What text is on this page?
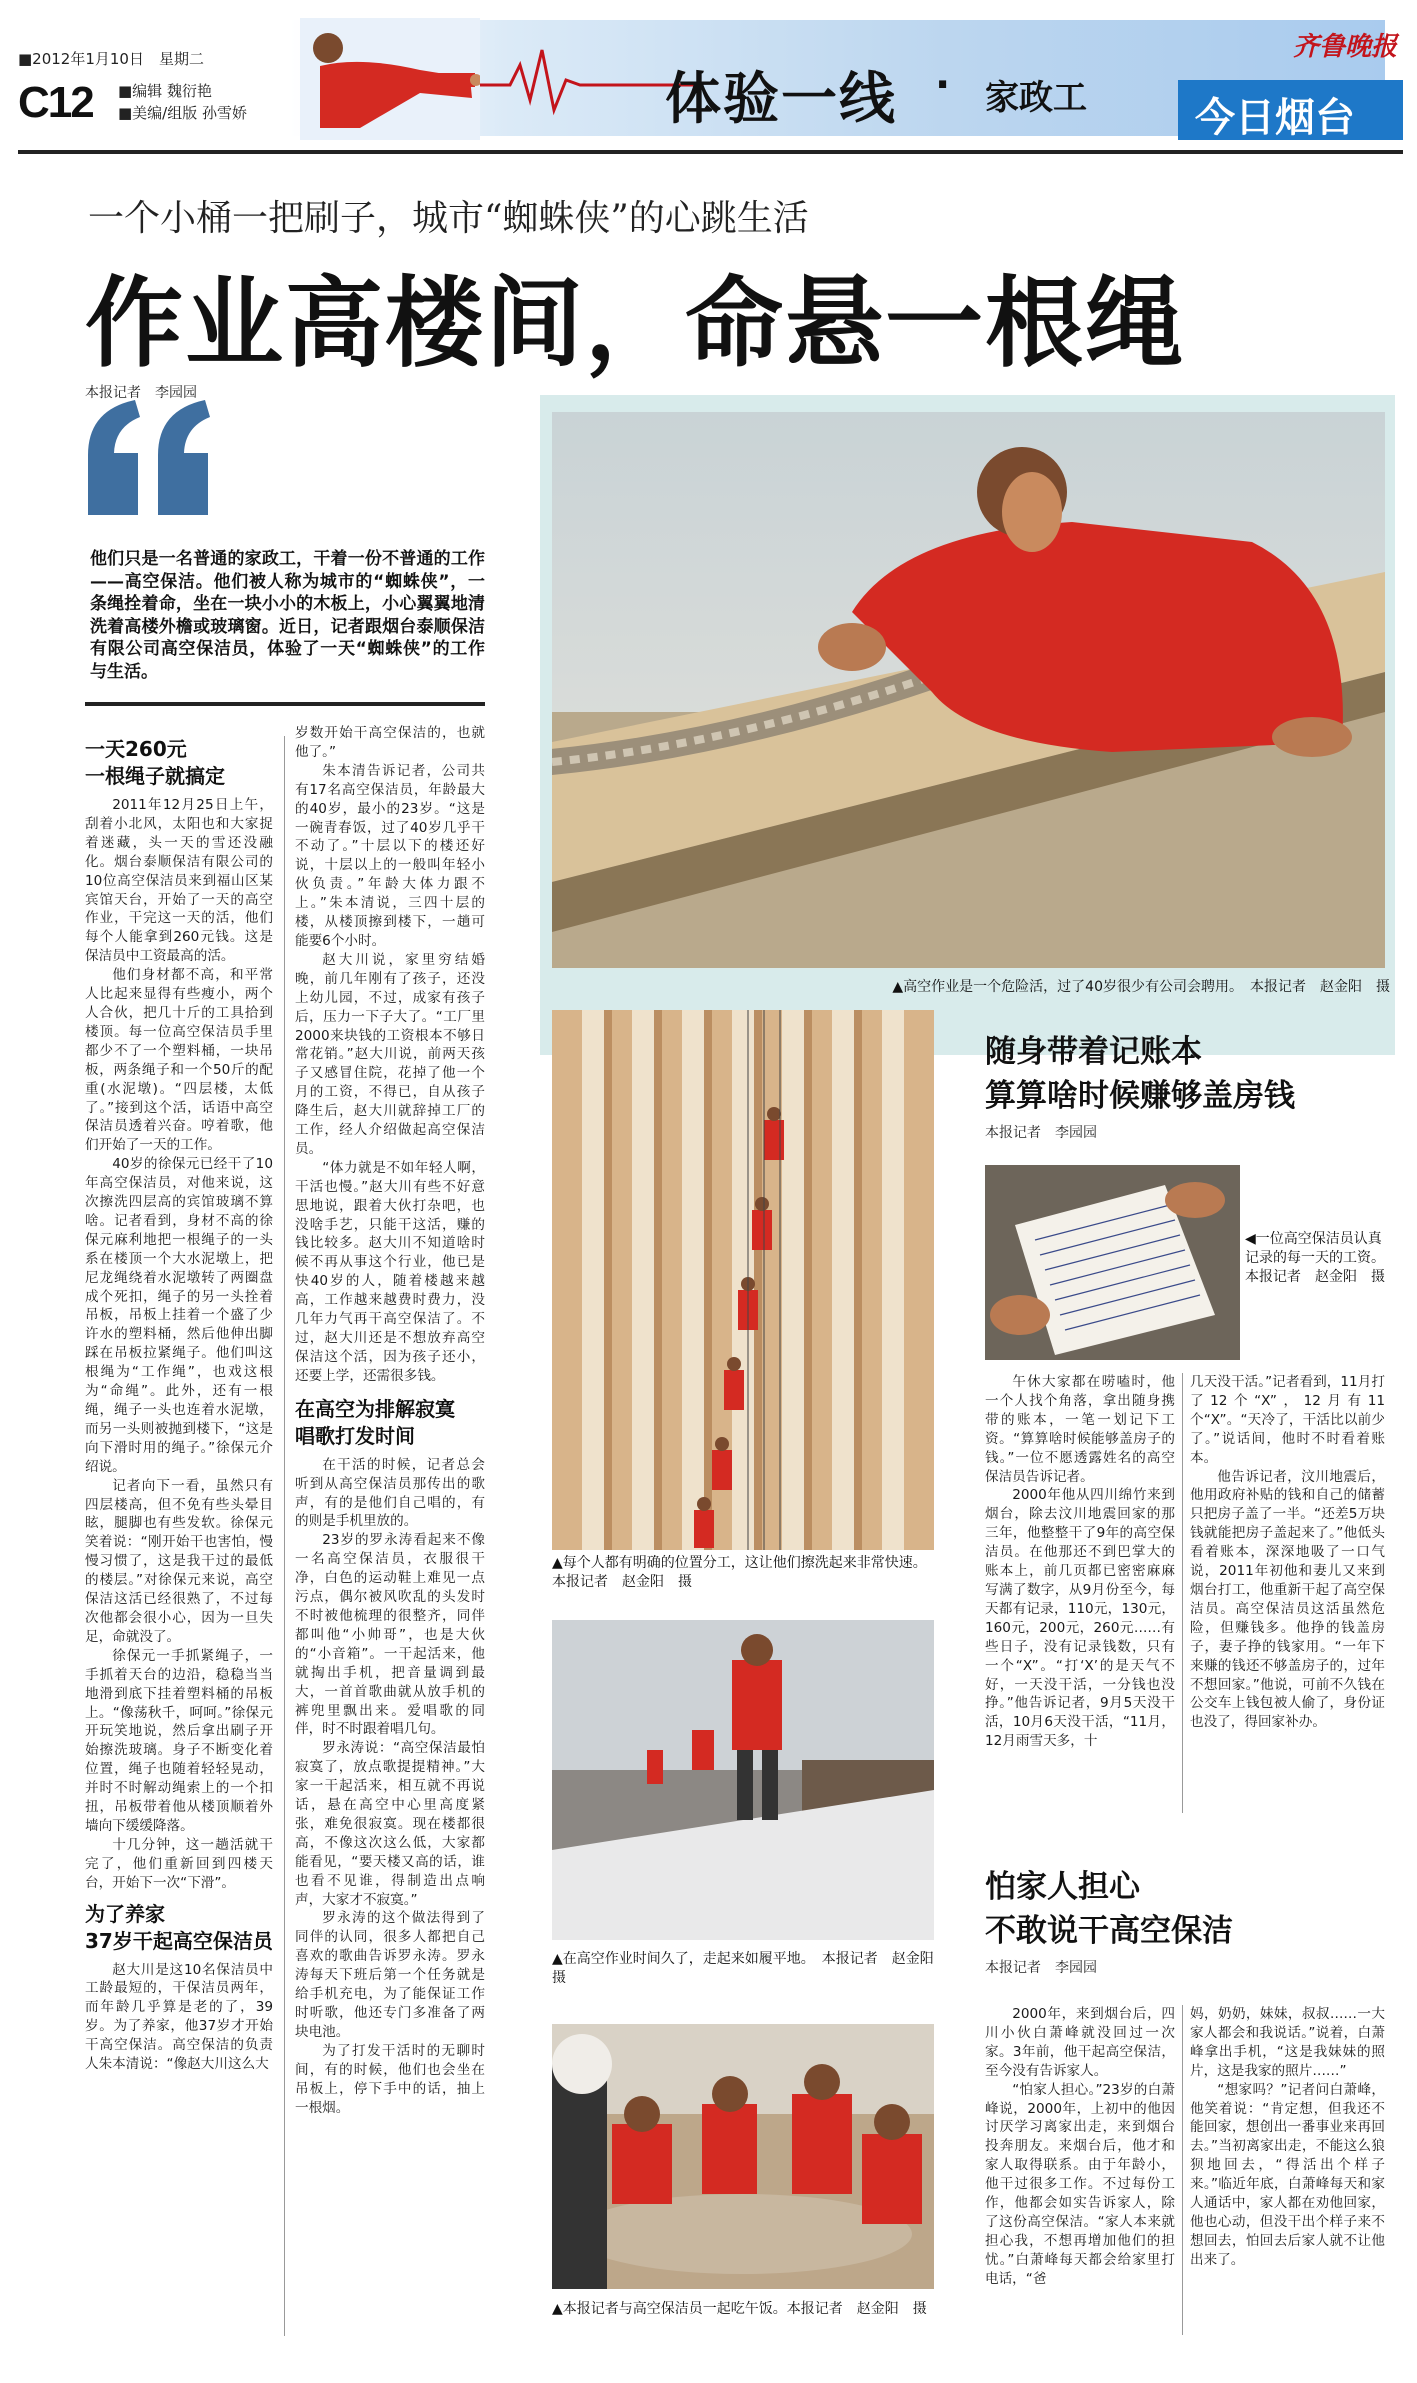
■2012年1月10日　星期二
C12 ■编辑 魏衍艳
■美编/组版 孙雪娇	体验一线 · 家政工
齐鲁晚报
今日烟台
一个小桶一把刷子，城市“蜘蛛侠”的心跳生活
作业高楼间，命悬一根绳
本报记者　李园园
他们只是一名普通的家政工，干着一份不普通的工作——高空保洁。他们被人称为城市的“蜘蛛侠”，一条绳拴着命，坐在一块小小的木板上，小心翼翼地清洗着高楼外檐或玻璃窗。近日，记者跟烟台泰顺保洁有限公司高空保洁员，体验了一天“蜘蛛侠”的工作与生活。
一天260元
一根绳子就搞定

2011年12月25日上午，刮着小北风，太阳也和大家捉着迷藏，头一天的雪还没融化。烟台泰顺保洁有限公司的10位高空保洁员来到福山区某宾馆天台，开始了一天的高空作业，干完这一天的活，他们每个人能拿到260元钱。这是保洁员中工资最高的活。

他们身材都不高，和平常人比起来显得有些瘦小，两个人合伙，把几十斤的工具拾到楼顶。每一位高空保洁员手里都少不了一个塑料桶，一块吊板，两条绳子和一个50斤的配重(水泥墩)。“四层楼，太低了。”接到这个活，话语中高空保洁员透着兴奋。哼着歌，他们开始了一天的工作。

40岁的徐保元已经干了10年高空保洁员，对他来说，这次擦洗四层高的宾馆玻璃不算啥。记者看到，身材不高的徐保元麻利地把一根绳子的一头系在楼顶一个大水泥墩上，把尼龙绳绕着水泥墩转了两圈盘成个死扣，绳子的另一头拴着吊板，吊板上挂着一个盛了少许水的塑料桶，然后他伸出脚踩在吊板拉紧绳子。他们叫这根绳为“工作绳”，也戏这根为“命绳”。此外，还有一根绳，绳子一头也连着水泥墩，而另一头则被抛到楼下，“这是向下滑时用的绳子。”徐保元介绍说。

记者向下一看，虽然只有四层楼高，但不免有些头晕目眩，腿脚也有些发软。徐保元笑着说：“刚开始干也害怕，慢慢习惯了，这是我干过的最低的楼层。”对徐保元来说，高空保洁这活已经很熟了，不过每次他都会很小心，因为一旦失足，命就没了。

徐保元一手抓紧绳子，一手抓着天台的边沿，稳稳当当地滑到底下挂着塑料桶的吊板上。“像荡秋千，呵呵。”徐保元开玩笑地说，然后拿出刷子开始擦洗玻璃。身子不断变化着位置，绳子也随着轻轻晃动，并时不时解动绳索上的一个扣扭，吊板带着他从楼顶顺着外墙向下缓缓降落。

十几分钟，这一趟活就干完了，他们重新回到四楼天台，开始下一次“下滑”。

为了养家
37岁干起高空保洁员

赵大川是这10名保洁员中工龄最短的，干保洁员两年，而年龄几乎算是老的了，39岁。为了养家，他37岁才开始干高空保洁。高空保洁的负责人朱本清说：“像赵大川这么大

岁数开始干高空保洁的，也就他了。”

朱本清告诉记者，公司共有17名高空保洁员，年龄最大的40岁，最小的23岁。“这是一碗青春饭，过了40岁几乎干不动了。”十层以下的楼还好说，十层以上的一般叫年轻小伙负责。”年龄大体力跟不上。”朱本清说，三四十层的楼，从楼顶擦到楼下，一趟可能要6个小时。

赵大川说，家里穷结婚晚，前几年刚有了孩子，还没上幼儿园，不过，成家有孩子后，压力一下子大了。“工厂里2000来块钱的工资根本不够日常花销。”赵大川说，前两天孩子又感冒住院，花掉了他一个月的工资，不得已，自从孩子降生后，赵大川就辞掉工厂的工作，经人介绍做起高空保洁员。

“体力就是不如年轻人啊，干活也慢。”赵大川有些不好意思地说，跟着大伙打杂吧，也没啥手艺，只能干这活，赚的钱比较多。赵大川不知道啥时候不再从事这个行业，他已是快40岁的人，随着楼越来越高，工作越来越费时费力，没几年力气再干高空保洁了。不过，赵大川还是不想放弃高空保洁这个活，因为孩子还小，还要上学，还需很多钱。

在高空为排解寂寞
唱歌打发时间

在干活的时候，记者总会听到从高空保洁员那传出的歌声，有的是他们自己唱的，有的则是手机里放的。

23岁的罗永涛看起来不像一名高空保洁员，衣服很干净，白色的运动鞋上难见一点污点，偶尔被风吹乱的头发时不时被他梳理的很整齐，同伴都叫他“小帅哥”，也是大伙的“小音箱”。一干起活来，他就掏出手机，把音量调到最大，一首首歌曲就从放手机的裤兜里飘出来。爱唱歌的同伴，时不时跟着唱几句。

罗永涛说：“高空保洁最怕寂寞了，放点歌提提精神。”大家一干起活来，相互就不再说话，悬在高空中心里高度紧张，难免很寂寞。现在楼都很高，不像这次这么低，大家都能看见，“要天楼又高的话，谁也看不见谁，得制造出点响声，大家才不寂寞。”

罗永涛的这个做法得到了同伴的认同，很多人都把自己喜欢的歌曲告诉罗永涛。罗永涛每天下班后第一个任务就是给手机充电，为了能保证工作时听歌，他还专门多准备了两块电池。

为了打发干活时的无聊时间，有的时候，他们也会坐在吊板上，停下手中的话，抽上一根烟。

▲高空作业是一个危险活，过了40岁很少有公司会聘用。　本报记者　赵金阳　摄
▲每个人都有明确的位置分工，这让他们擦洗起来非常快速。　本报记者　赵金阳　摄
▲在高空作业时间久了，走起来如履平地。　本报记者　赵金阳　摄
▲本报记者与高空保洁员一起吃午饭。本报记者　赵金阳　摄
随身带着记账本
算算啥时候赚够盖房钱
本报记者　李园园
◀一位高空保洁员认真记录的每一天的工资。本报记者　赵金阳　摄

午休大家都在唠嗑时，他一个人找个角落，拿出随身携带的账本，一笔一划记下工资。“算算啥时候能够盖房子的钱。”一位不愿透露姓名的高空保洁员告诉记者。

2000年他从四川绵竹来到烟台，除去汶川地震回家的那三年，他整整干了9年的高空保洁员。在他那还不到巴掌大的账本上，前几页都已密密麻麻写满了数字，从9月份至今，每天都有记录，110元，130元，160元，200元，260元……有些日子，没有记录钱数，只有一个“X”。“打‘X’的是天气不好，一天没干活，一分钱也没挣。”他告诉记者，9月5天没干活，10月6天没干活，“11月，12月雨雪天多，十

几天没干活。”记者看到，11月打了12个“X”，12月有11个“X”。“天冷了，干活比以前少了。”说话间，他时不时看着账本。

他告诉记者，汶川地震后，他用政府补贴的钱和自己的储蓄只把房子盖了一半。“还差5万块钱就能把房子盖起来了。”他低头看着账本，深深地吸了一口气说，2011年初他和妻儿又来到烟台打工，他重新干起了高空保洁员。高空保洁员这活虽然危险，但赚钱多。他挣的钱盖房子，妻子挣的钱家用。“一年下来赚的钱还不够盖房子的，过年不想回家。”他说，可前不久钱在公交车上钱包被人偷了，身份证也没了，得回家补办。

怕家人担心
不敢说干高空保洁
本报记者　李园园

2000年，来到烟台后，四川小伙白萧峰就没回过一次家。3年前，他干起高空保洁，至今没有告诉家人。

“怕家人担心。”23岁的白萧峰说，2000年，上初中的他因讨厌学习离家出走，来到烟台投奔朋友。来烟台后，他才和家人取得联系。由于年龄小，他干过很多工作。不过每份工作，他都会如实告诉家人，除了这份高空保洁。“家人本来就担心我，不想再增加他们的担忧。”白萧峰每天都会给家里打电话，“爸

妈，奶奶，妹妹，叔叔……一大家人都会和我说话。”说着，白萧峰拿出手机，“这是我妹妹的照片，这是我家的照片……”

“想家吗？”记者问白萧峰，他笑着说：“肯定想，但我还不能回家，想创出一番事业来再回去。”当初离家出走，不能这么狼狈地回去，“得活出个样子来。”临近年底，白萧峰每天和家人通话中，家人都在劝他回家，他也心动，但没干出个样子来不想回去，怕回去后家人就不让他出来了。
